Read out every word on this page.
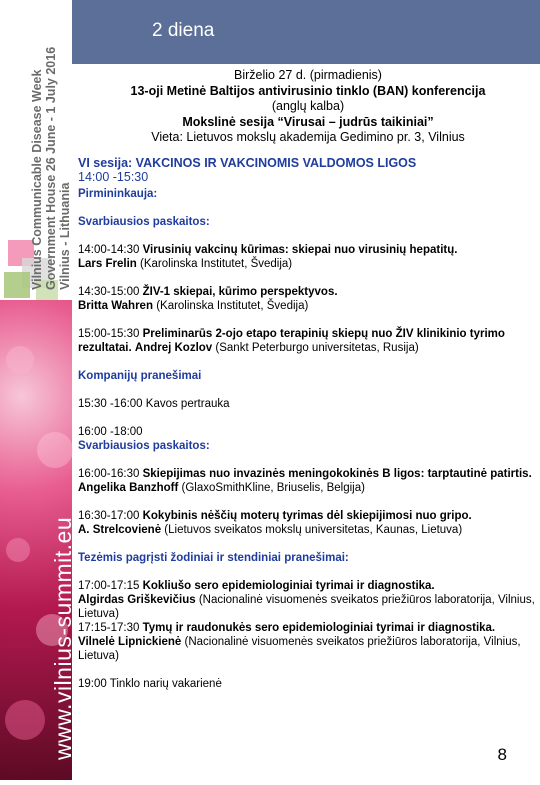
Vilnius Communicable Disease Week Government House 26 June - 1 July 2016 Vilnius - Lithuania
www.vilnius-summit.eu
2 diena
Birželio 27 d. (pirmadienis)
13-oji Metinė Baltijos antivirusinio tinklo (BAN) konferencija
(anglų kalba)
Mokslinė sesija “Virusai – judrūs taikiniai”
Vieta: Lietuvos mokslų akademija Gedimino pr. 3, Vilnius
VI sesija: VAKCINOS IR VAKCINOMIS VALDOMOS LIGOS
14:00 -15:30
Pirmininkauja:
Svarbiausios paskaitos:
14:00-14:30 Virusinių vakcinų kūrimas: skiepai nuo virusinių hepatitų.
Lars Frelin (Karolinska Institutet, Švedija)
14:30-15:00 ŽIV-1 skiepai, kūrimo perspektyvos.
Britta Wahren (Karolinska Institutet, Švedija)
15:00-15:30 Preliminarūs 2-ojo etapo terapinių skiepų nuo ŽIV klinikinio tyrimo rezultatai. Andrej Kozlov (Sankt Peterburgo universitetas, Rusija)
Kompanijų pranešimai
15:30 -16:00 Kavos pertrauka
16:00 -18:00
Svarbiausios paskaitos:
16:00-16:30 Skiepijimas nuo invazinės meningokokinės B ligos: tarptautinė patirtis.
Angelika Banzhoff (GlaxoSmithKline, Briuselis, Belgija)
16:30-17:00 Kokybinis nėščių moterų tyrimas dėl skiepijimosi nuo gripo.
A. Strelcovienė (Lietuvos sveikatos mokslų universitetas, Kaunas, Lietuva)
Tezėmis pagrįsti žodiniai ir stendiniai pranešimai:
17:00-17:15 Kokliušo sero epidemiologiniai tyrimai ir diagnostika.
Algirdas Griškevičius (Nacionalinė visuomenės sveikatos priežiūros laboratorija, Vilnius, Lietuva)
17:15-17:30 Tymų ir raudonukės sero epidemiologiniai tyrimai ir diagnostika.
Vilnelė Lipnickienė (Nacionalinė visuomenės sveikatos priežiūros laboratorija, Vilnius, Lietuva)
19:00 Tinklo narių vakarienė
8
